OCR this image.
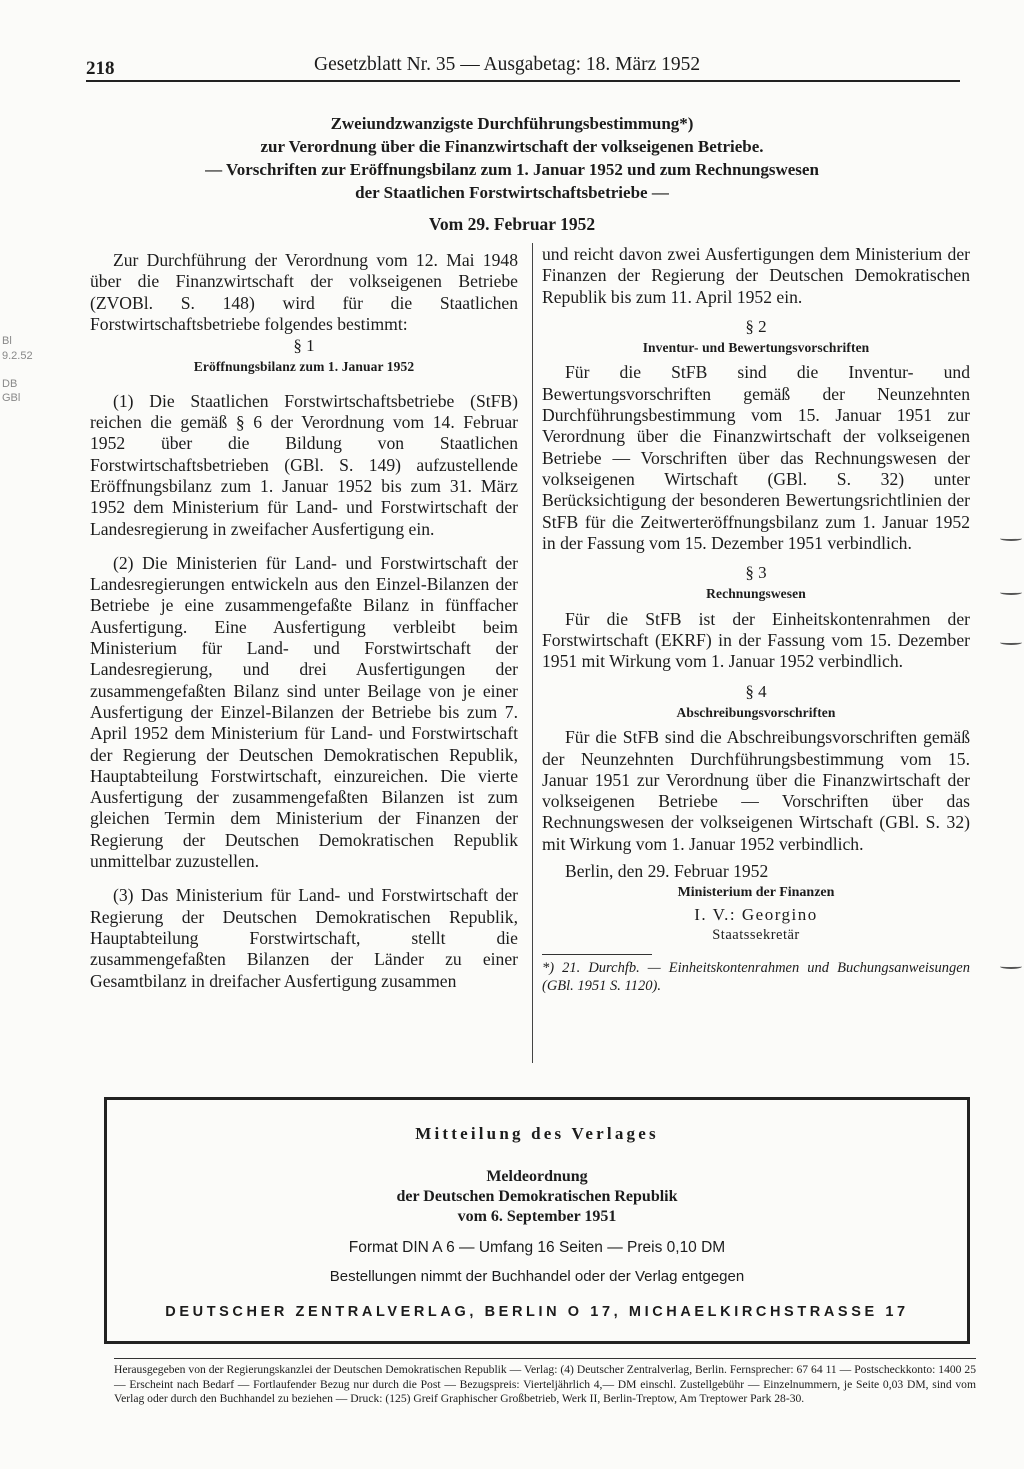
218	Gesetzblatt Nr. 35 — Ausgabetag: 18. März 1952
Zweiundzwanzigste Durchführungsbestimmung*)
zur Verordnung über die Finanzwirtschaft der volkseigenen Betriebe.
— Vorschriften zur Eröffnungsbilanz zum 1. Januar 1952 und zum Rechnungswesen
der Staatlichen Forstwirtschaftsbetriebe —
Vom 29. Februar 1952
Bl
9.2.52
DB
GBl

Zur Durchführung der Verordnung vom 12. Mai 1948 über die Finanzwirtschaft der volkseigenen Betriebe (ZVOBl. S. 148) wird für die Staatlichen Forstwirtschaftsbetriebe folgendes bestimmt:

§ 1

Eröffnungsbilanz zum 1. Januar 1952

(1) Die Staatlichen Forstwirtschaftsbetriebe (StFB) reichen die gemäß § 6 der Verordnung vom 14. Februar 1952 über die Bildung von Staatlichen Forstwirtschaftsbetrieben (GBl. S. 149) aufzustellende Eröffnungsbilanz zum 1. Januar 1952 bis zum 31. März 1952 dem Ministerium für Land- und Forstwirtschaft der Landesregierung in zweifacher Ausfertigung ein.

(2) Die Ministerien für Land- und Forstwirtschaft der Landesregierungen entwickeln aus den Einzel-Bilanzen der Betriebe je eine zusammengefaßte Bilanz in fünffacher Ausfertigung. Eine Ausfertigung verbleibt beim Ministerium für Land- und Forstwirtschaft der Landesregierung, und drei Ausfertigungen der zusammengefaßten Bilanz sind unter Beilage von je einer Ausfertigung der Einzel-Bilanzen der Betriebe bis zum 7. April 1952 dem Ministerium für Land- und Forstwirtschaft der Regierung der Deutschen Demokratischen Republik, Hauptabteilung Forstwirtschaft, einzureichen. Die vierte Ausfertigung der zusammengefaßten Bilanzen ist zum gleichen Termin dem Ministerium der Finanzen der Regierung der Deutschen Demokratischen Republik unmittelbar zuzustellen.

(3) Das Ministerium für Land- und Forstwirtschaft der Regierung der Deutschen Demokratischen Republik, Hauptabteilung Forstwirtschaft, stellt die zusammengefaßten Bilanzen der Länder zu einer Gesamtbilanz in dreifacher Ausfertigung zusammen

und reicht davon zwei Ausfertigungen dem Ministerium der Finanzen der Regierung der Deutschen Demokratischen Republik bis zum 11. April 1952 ein.

§ 2

Inventur- und Bewertungsvorschriften

Für die StFB sind die Inventur- und Bewertungsvorschriften gemäß der Neunzehnten Durchführungsbestimmung vom 15. Januar 1951 zur Verordnung über die Finanzwirtschaft der volkseigenen Betriebe — Vorschriften über das Rechnungswesen der volkseigenen Wirtschaft (GBl. S. 32) unter Berücksichtigung der besonderen Bewertungsrichtlinien der StFB für die Zeitwerteröffnungsbilanz zum 1. Januar 1952 in der Fassung vom 15. Dezember 1951 verbindlich.

§ 3

Rechnungswesen

Für die StFB ist der Einheitskontenrahmen der Forstwirtschaft (EKRF) in der Fassung vom 15. Dezember 1951 mit Wirkung vom 1. Januar 1952 verbindlich.

§ 4

Abschreibungsvorschriften

Für die StFB sind die Abschreibungsvorschriften gemäß der Neunzehnten Durchführungsbestimmung vom 15. Januar 1951 zur Verordnung über die Finanzwirtschaft der volkseigenen Betriebe — Vorschriften über das Rechnungswesen der volkseigenen Wirtschaft (GBl. S. 32) mit Wirkung vom 1. Januar 1952 verbindlich.

Berlin, den 29. Februar 1952

Ministerium der Finanzen

I. V.: Georgino

Staatssekretär

*) 21. Durchfb. — Einheitskontenrahmen und Buchungsanweisungen (GBl. 1951 S. 1120).

Mitteilung des Verlages
Meldeordnung
der Deutschen Demokratischen Republik
vom 6. September 1951
Format DIN A 6 — Umfang 16 Seiten — Preis 0,10 DM
Bestellungen nimmt der Buchhandel oder der Verlag entgegen
DEUTSCHER ZENTRALVERLAG, BERLIN O 17, MICHAELKIRCHSTRASSE 17
Herausgegeben von der Regierungskanzlei der Deutschen Demokratischen Republik — Verlag: (4) Deutscher Zentralverlag, Berlin. Fernsprecher: 67 64 11 — Postscheckkonto: 1400 25 — Erscheint nach Bedarf — Fortlaufender Bezug nur durch die Post — Bezugspreis: Vierteljährlich 4,— DM einschl. Zustellgebühr — Einzelnummern, je Seite 0,03 DM, sind vom Verlag oder durch den Buchhandel zu beziehen — Druck: (125) Greif Graphischer Großbetrieb, Werk II, Berlin-Treptow, Am Treptower Park 28-30.
